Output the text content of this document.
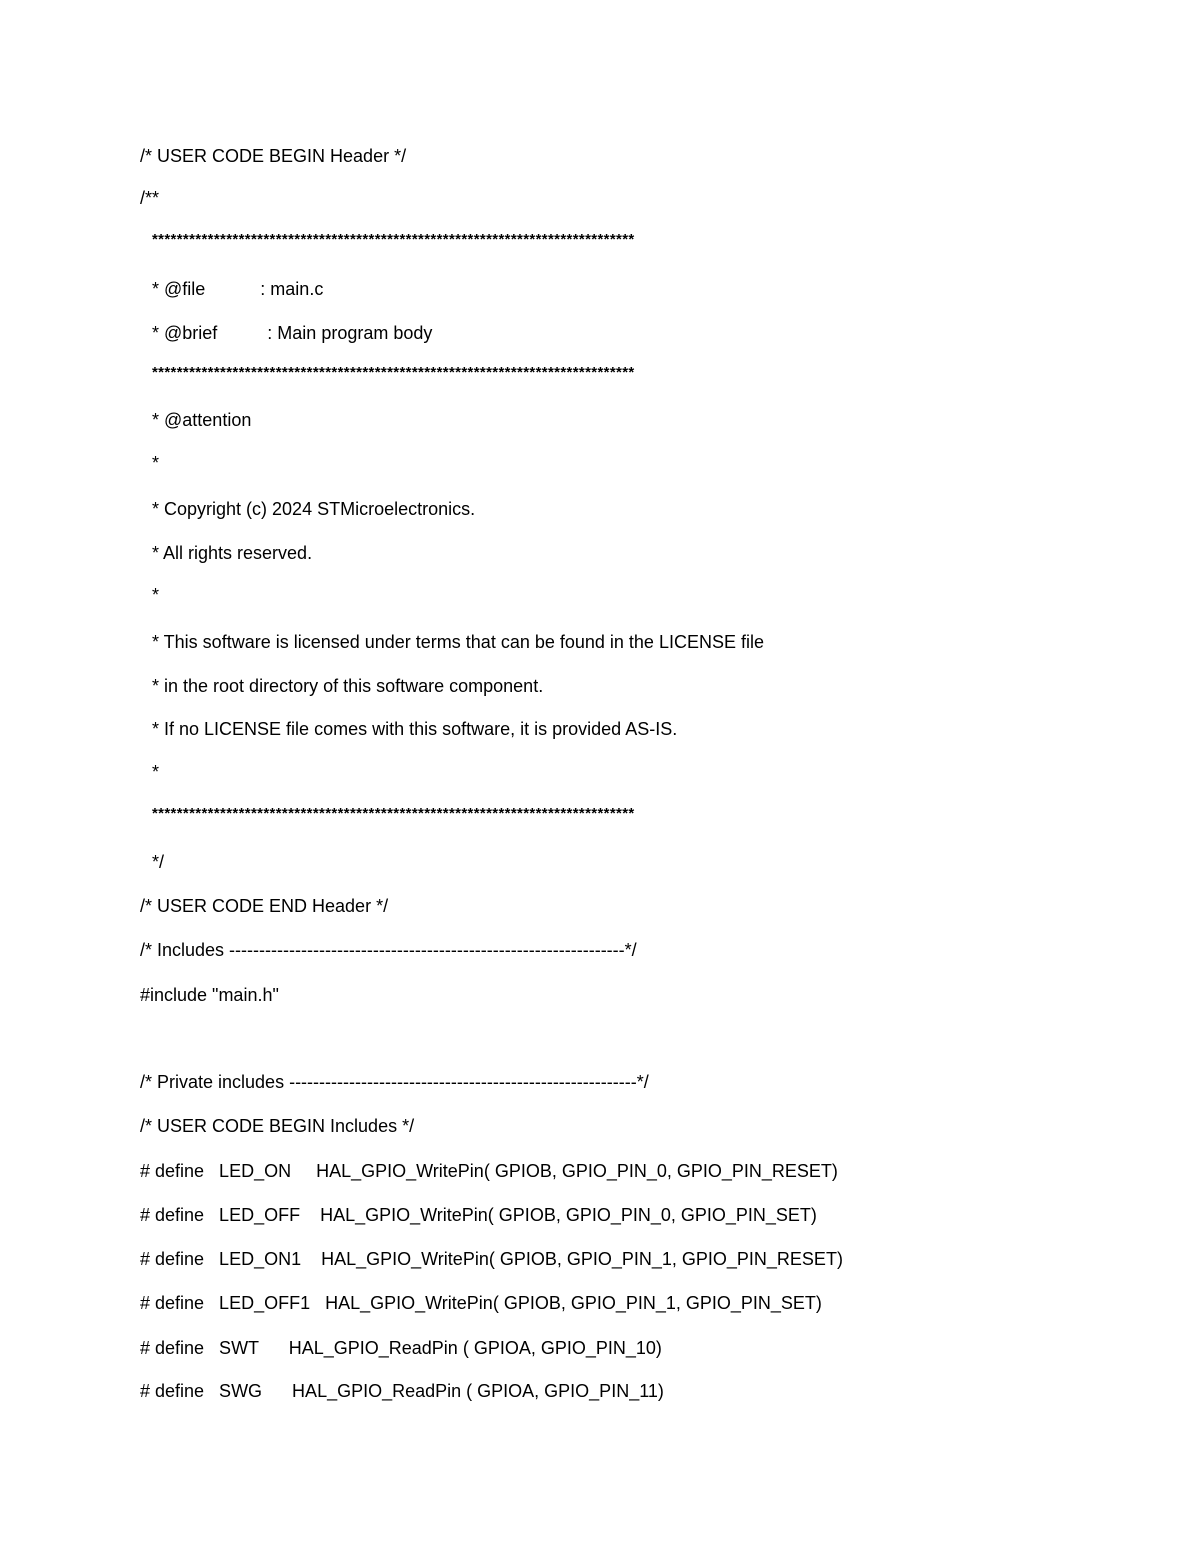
/* USER CODE BEGIN Header */
/**
******************************************************************************
* @file           : main.c
* @brief          : Main program body
******************************************************************************
* @attention
*
* Copyright (c) 2024 STMicroelectronics.
* All rights reserved.
*
* This software is licensed under terms that can be found in the LICENSE file
* in the root directory of this software component.
* If no LICENSE file comes with this software, it is provided AS-IS.
*
******************************************************************************
*/
/* USER CODE END Header */
/* Includes ------------------------------------------------------------------*/
#include "main.h"
/* Private includes ----------------------------------------------------------*/
/* USER CODE BEGIN Includes */
# define   LED_ON     HAL_GPIO_WritePin( GPIOB, GPIO_PIN_0, GPIO_PIN_RESET)
# define   LED_OFF    HAL_GPIO_WritePin( GPIOB, GPIO_PIN_0, GPIO_PIN_SET)
# define   LED_ON1    HAL_GPIO_WritePin( GPIOB, GPIO_PIN_1, GPIO_PIN_RESET)
# define   LED_OFF1   HAL_GPIO_WritePin( GPIOB, GPIO_PIN_1, GPIO_PIN_SET)
# define   SWT      HAL_GPIO_ReadPin ( GPIOA, GPIO_PIN_10)
# define   SWG      HAL_GPIO_ReadPin ( GPIOA, GPIO_PIN_11)
